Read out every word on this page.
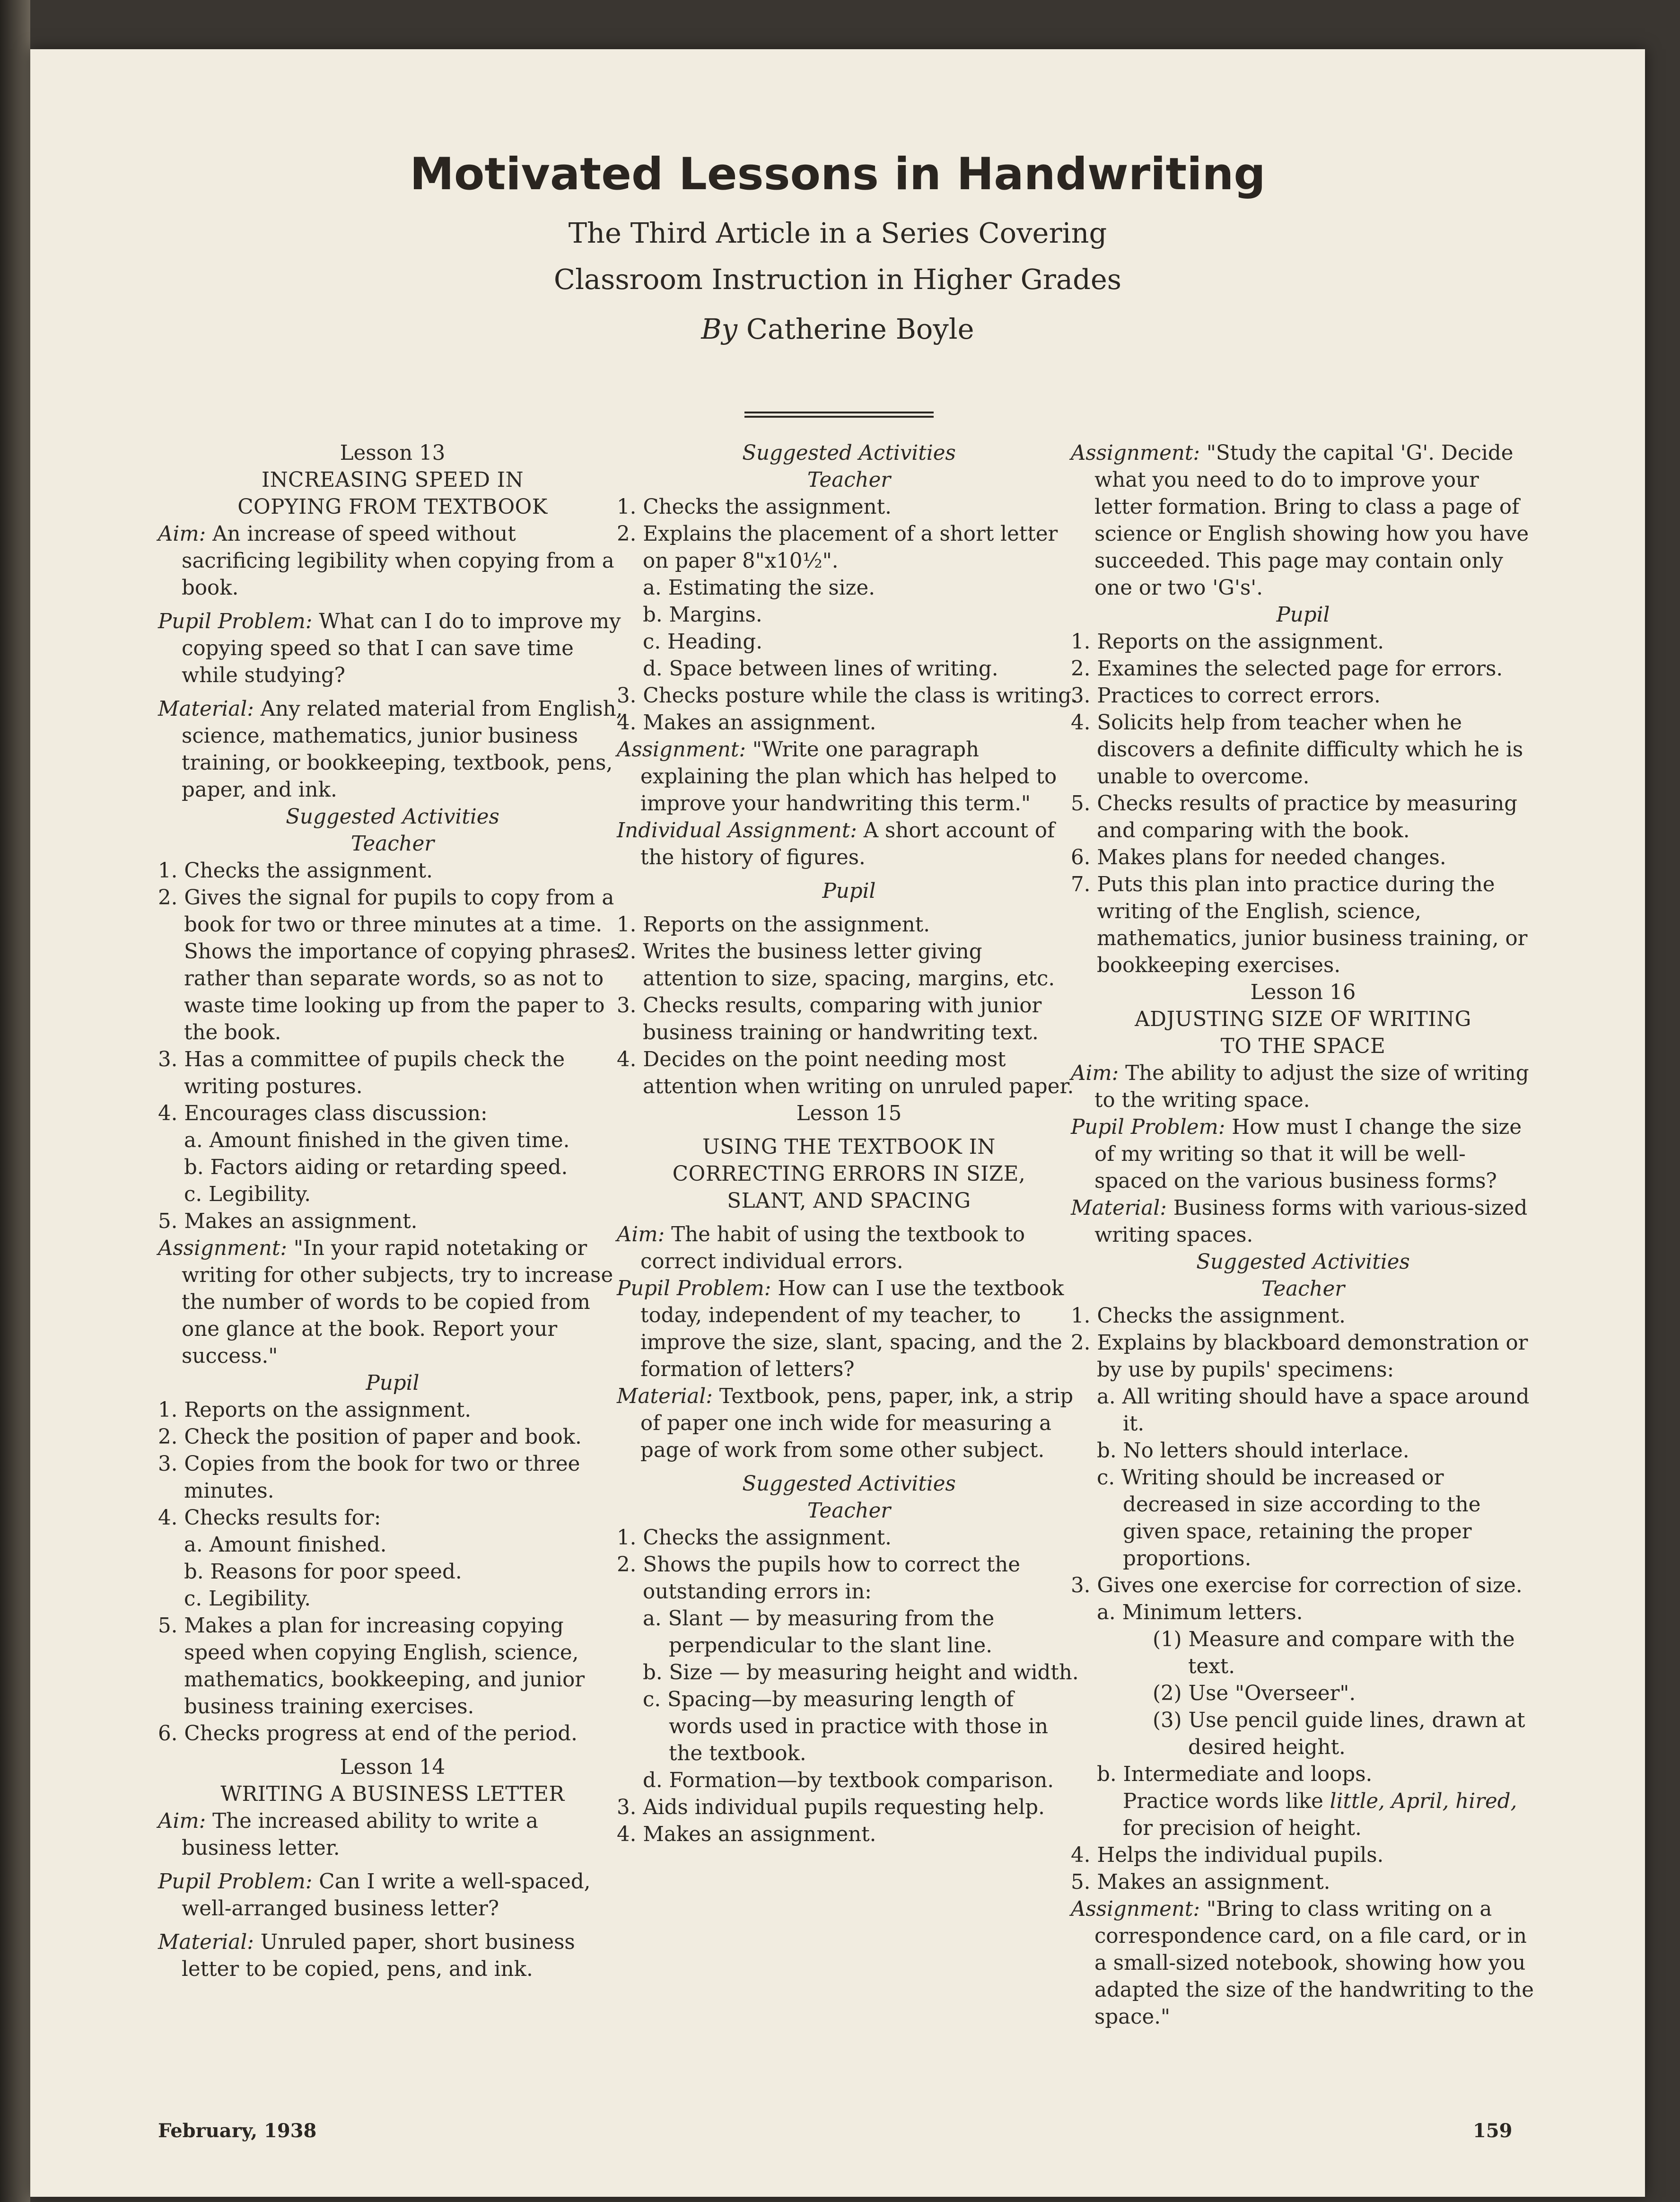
Motivated Lessons in Handwriting
The Third Article in a Series Covering
Classroom Instruction in Higher Grades
By Catherine Boyle
Lesson 13
INCREASING SPEED IN
COPYING FROM TEXTBOOK
Aim: An increase of speed without sacrificing legibility when copying from a book.
Pupil Problem: What can I do to improve my copying speed so that I can save time while studying?
Material: Any related material from English, science, mathematics, junior business training, or bookkeeping, textbook, pens, paper, and ink.
Suggested Activities
Teacher
1. Checks the assignment.
2. Gives the signal for pupils to copy from a book for two or three minutes at a time. Shows the importance of copying phrases rather than separate words, so as not to waste time looking up from the paper to the book.
3. Has a committee of pupils check the writing postures.
4. Encourages class discussion:
a. Amount finished in the given time.
b. Factors aiding or retarding speed.
c. Legibility.
5. Makes an assignment.
Assignment: "In your rapid notetaking or writing for other subjects, try to increase the number of words to be copied from one glance at the book. Report your success."
Pupil
1. Reports on the assignment.
2. Check the position of paper and book.
3. Copies from the book for two or three minutes.
4. Checks results for:
a. Amount finished.
b. Reasons for poor speed.
c. Legibility.
5. Makes a plan for increasing copying speed when copying English, science, mathematics, bookkeeping, and junior business training exercises.
6. Checks progress at end of the period.
Lesson 14
WRITING A BUSINESS LETTER
Aim: The increased ability to write a business letter.
Pupil Problem: Can I write a well-spaced, well-arranged business letter?
Material: Unruled paper, short business letter to be copied, pens, and ink.
Suggested Activities
Teacher
1. Checks the assignment.
2. Explains the placement of a short letter on paper 8"x10½".
a. Estimating the size.
b. Margins.
c. Heading.
d. Space between lines of writing.
3. Checks posture while the class is writing.
4. Makes an assignment.
Assignment: "Write one paragraph explaining the plan which has helped to improve your handwriting this term."
Individual Assignment: A short account of the history of figures.
Pupil
1. Reports on the assignment.
2. Writes the business letter giving attention to size, spacing, margins, etc.
3. Checks results, comparing with junior business training or handwriting text.
4. Decides on the point needing most attention when writing on unruled paper.
Lesson 15
USING THE TEXTBOOK IN
CORRECTING ERRORS IN SIZE,
SLANT, AND SPACING
Aim: The habit of using the textbook to correct individual errors.
Pupil Problem: How can I use the textbook today, independent of my teacher, to improve the size, slant, spacing, and the formation of letters?
Material: Textbook, pens, paper, ink, a strip of paper one inch wide for measuring a page of work from some other subject.
Suggested Activities
Teacher
1. Checks the assignment.
2. Shows the pupils how to correct the outstanding errors in:
a. Slant — by measuring from the perpendicular to the slant line.
b. Size — by measuring height and width.
c. Spacing—by measuring length of words used in practice with those in the textbook.
d. Formation—by textbook comparison.
3. Aids individual pupils requesting help.
4. Makes an assignment.
Assignment: "Study the capital 'G'. Decide what you need to do to improve your letter formation. Bring to class a page of science or English showing how you have succeeded. This page may contain only one or two 'G's'.
Pupil
1. Reports on the assignment.
2. Examines the selected page for errors.
3. Practices to correct errors.
4. Solicits help from teacher when he discovers a definite difficulty which he is unable to overcome.
5. Checks results of practice by measuring and comparing with the book.
6. Makes plans for needed changes.
7. Puts this plan into practice during the writing of the English, science, mathematics, junior business training, or bookkeeping exercises.
Lesson 16
ADJUSTING SIZE OF WRITING
TO THE SPACE
Aim: The ability to adjust the size of writing to the writing space.
Pupil Problem: How must I change the size of my writing so that it will be well-spaced on the various business forms?
Material: Business forms with various-sized writing spaces.
Suggested Activities
Teacher
1. Checks the assignment.
2. Explains by blackboard demonstration or by use by pupils' specimens:
a. All writing should have a space around it.
b. No letters should interlace.
c. Writing should be increased or decreased in size according to the given space, retaining the proper proportions.
3. Gives one exercise for correction of size.
a. Minimum letters.
(1) Measure and compare with the text.
(2) Use "Overseer".
(3) Use pencil guide lines, drawn at desired height.
b. Intermediate and loops.
Practice words like little, April, hired, for precision of height.
4. Helps the individual pupils.
5. Makes an assignment.
Assignment: "Bring to class writing on a correspondence card, on a file card, or in a small-sized notebook, showing how you adapted the size of the handwriting to the space."
February, 1938	159
